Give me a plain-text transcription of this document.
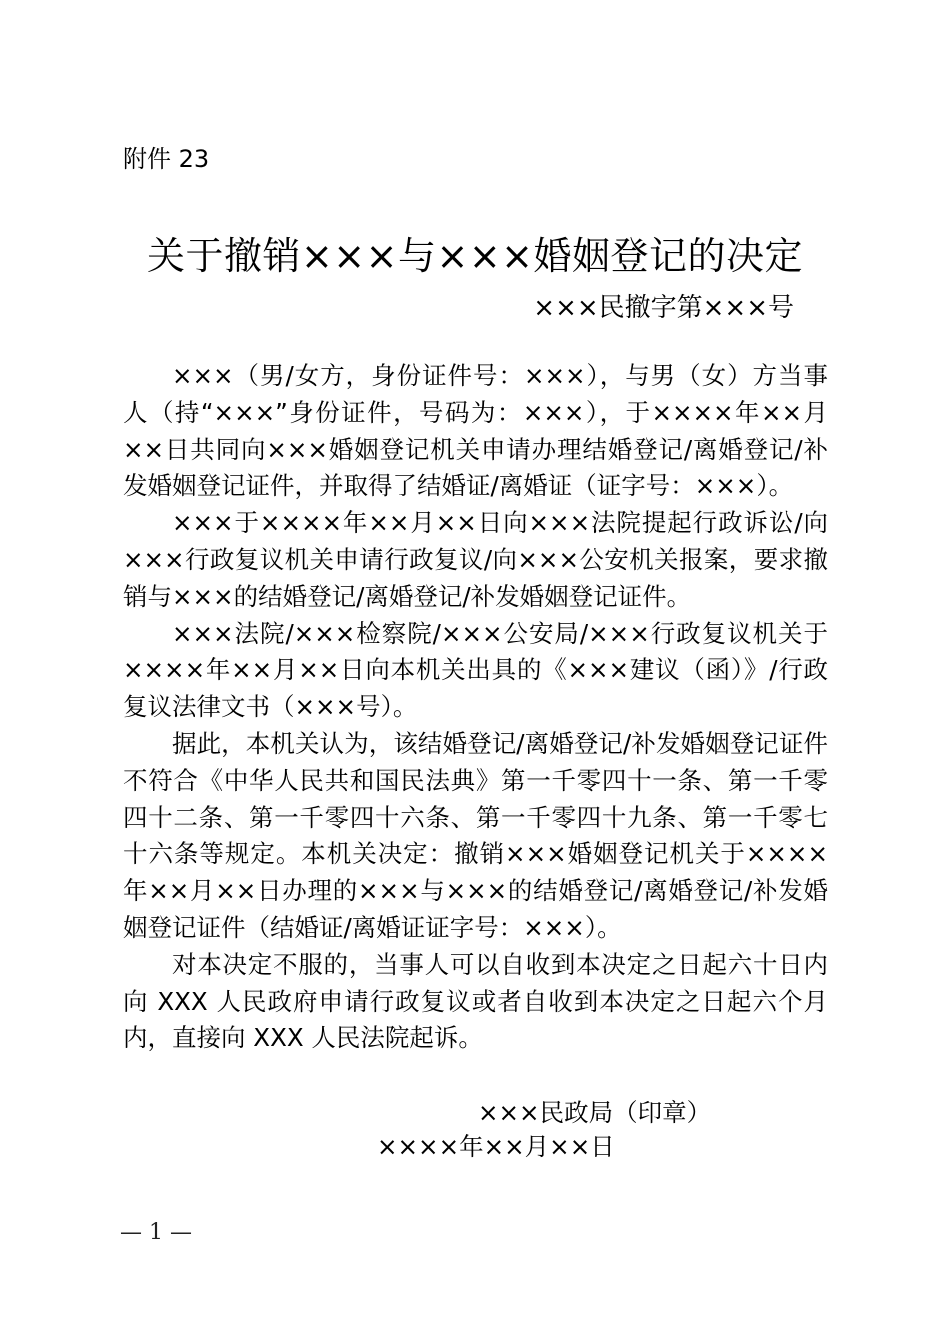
附件 23
关于撤销×××与×××婚姻登记的决定
×××民撤字第×××号

×××（男/女方，身份证件号：×××），与男（女）方当事人（持“×××”身份证件，号码为：×××），于××××年××月××日共同向×××婚姻登记机关申请办理结婚登记/离婚登记/补发婚姻登记证件，并取得了结婚证/离婚证（证字号：×××）。

×××于××××年××月××日向×××法院提起行政诉讼/向×××行政复议机关申请行政复议/向×××公安机关报案，要求撤销与×××的结婚登记/离婚登记/补发婚姻登记证件。

×××法院/×××检察院/×××公安局/×××行政复议机关于××××年××月××日向本机关出具的《×××建议（函）》/行政复议法律文书（×××号）。

据此，本机关认为，该结婚登记/离婚登记/补发婚姻登记证件不符合《中华人民共和国民法典》第一千零四十一条、第一千零四十二条、第一千零四十六条、第一千零四十九条、第一千零七十六条等规定。本机关决定：撤销×××婚姻登记机关于××××年××月××日办理的×××与×××的结婚登记/离婚登记/补发婚姻登记证件（结婚证/离婚证证字号：×××）。

对本决定不服的，当事人可以自收到本决定之日起六十日内向 XXX 人民政府申请行政复议或者自收到本决定之日起六个月内，直接向 XXX 人民法院起诉。

×××民政局（印章）
××××年××月××日
— 1 —
